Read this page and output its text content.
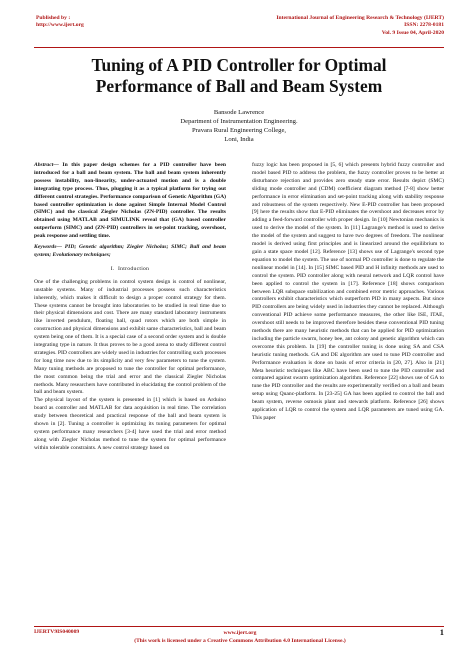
Published by :
http://www.ijert.org
International Journal of Engineering Research & Technology (IJERT)
ISSN: 2278-0181
Vol. 9 Issue 04, April-2020
Tuning of A PID Controller for Optimal
Performance of Ball and Beam System
Bansode Lawrence
Department of Instrumentation Engineering.
Pravara Rural Engineering College,
Loni, India

Abstract— In this paper design schemes for a PID controller have been introduced for a ball and beam system. The ball and beam system inherently possess instability, non-linearity, under-actuated motion and is a double integrating type process. Thus, plugging it as a typical platform for trying out different control strategies. Performance comparison of Genetic Algorithm (GA) based controller optimization is done against Simple Internal Model Control (SIMC) and the classical Ziegler Nicholas (ZN-PID) controller. The results obtained using MATLAB and SIMULINK reveal that (GA) based controller outperform (SIMC) and (ZN-PID) controllers in set-point tracking, overshoot, peak response and settling time.

Keywords— PID; Genetic algorithm; Ziegler Nicholas; SIMC; Ball and beam system; Evolutionary techniques;

I. Introduction

One of the challenging problems in control system design is control of nonlinear, unstable systems. Many of industrial processes possess such characteristics inherently, which makes it difficult to design a proper control strategy for them. These systems cannot be brought into laboratories to be studied in real time due to their physical dimensions and cost. There are many standard laboratory instruments like inverted pendulum, floating ball, quad rotors which are both simple in construction and physical dimensions and exhibit same characteristics, ball and beam system being one of them. It is a special case of a second order system and is double integrating type in nature. It thus proves to be a good arena to study different control strategies. PID controllers are widely used in industries for controlling such processes for long time now due to its simplicity and very few parameters to tune the system. Many tuning methods are proposed to tune the controller for optimal performance, the most common being the trial and error and the classical Ziegler Nicholas methods. Many researchers have contributed in elucidating the control problem of the ball and beam system.

The physical layout of the system is presented in [1] which is based on Arduino board as controller and MATLAB for data acquisition in real time. The correlation study between theoretical and practical response of the ball and beam system is shown in [2]. Tuning a controller is optimizing its tuning parameters for optimal system performance many researchers [3-4] have used the trial and error method along with Ziegler Nicholas method to tune the system for optimal performance within tolerable constraints. A new control strategy based on

fuzzy logic has been proposed in [5, 6] which presents hybrid fuzzy controller and model based PID to address the problem, the fuzzy controller proves to be better at disturbance rejection and provides zero steady state error. Results depict (SMC) sliding mode controller and (CDM) coefficient diagram method [7-8] show better performance in error elimination and set-point tracking along with stability response and robustness of the system respectively. New E-PID controller has been proposed [9] here the results show that E-PID eliminates the overshoot and decreases error by adding a feed-forward controller with proper design. In [10] Newtonian mechanics is used to derive the model of the system. In [11] Lagrange's method is used to derive the model of the system and suggest to have two degrees of freedom. The nonlinear model is derived using first principles and is linearized around the equilibrium to gain a state space model [12]. Reference [13] shows use of Lagrange's second type equation to model the system. The use of normal PD controller is done to regulate the nonlinear model in [14]. In [15] SIMC based PID and H infinity methods are used to control the system. PID controller along with neural network and LQR control have been applied to control the system in [17]. Reference [18] shows comparison between LQR subspace stabilization and combined error metric approaches. Various controllers exhibit characteristics which outperform PID in many aspects. But since PID controllers are being widely used in industries they cannot be replaced. Although conventional PID achieve some performance measures, the other like ISE, ITAE, overshoot still needs to be improved therefore besides these conventional PID tuning methods there are many heuristic methods that can be applied for PID optimization including the particle swarm, honey bee, ant colony and genetic algorithm which can overcome this problem. In [19] the controller tuning is done using SA and CSA heuristic tuning methods. GA and DE algorithm are used to tune PID controller and Performance evaluation is done on basis of error criteria in [20, 27]. Also in [21] Meta heuristic techniques like ABC have been used to tune the PID controller and compared against swarm optimization algorithm. Reference [22] shows use of GA to tune the PID controller and the results are experimentally verified on a ball and beam setup using Quanc-platform. In [23-25] GA has been applied to control the ball and beam system, reverse osmosis plant and stewards platform. Reference [26] shows application of LQR to control the system and LQR parameters are tuned using GA. This paper

IJERTV9IS040009	www.ijert.org
(This work is licensed under a Creative Commons Attribution 4.0 International License.)
1
